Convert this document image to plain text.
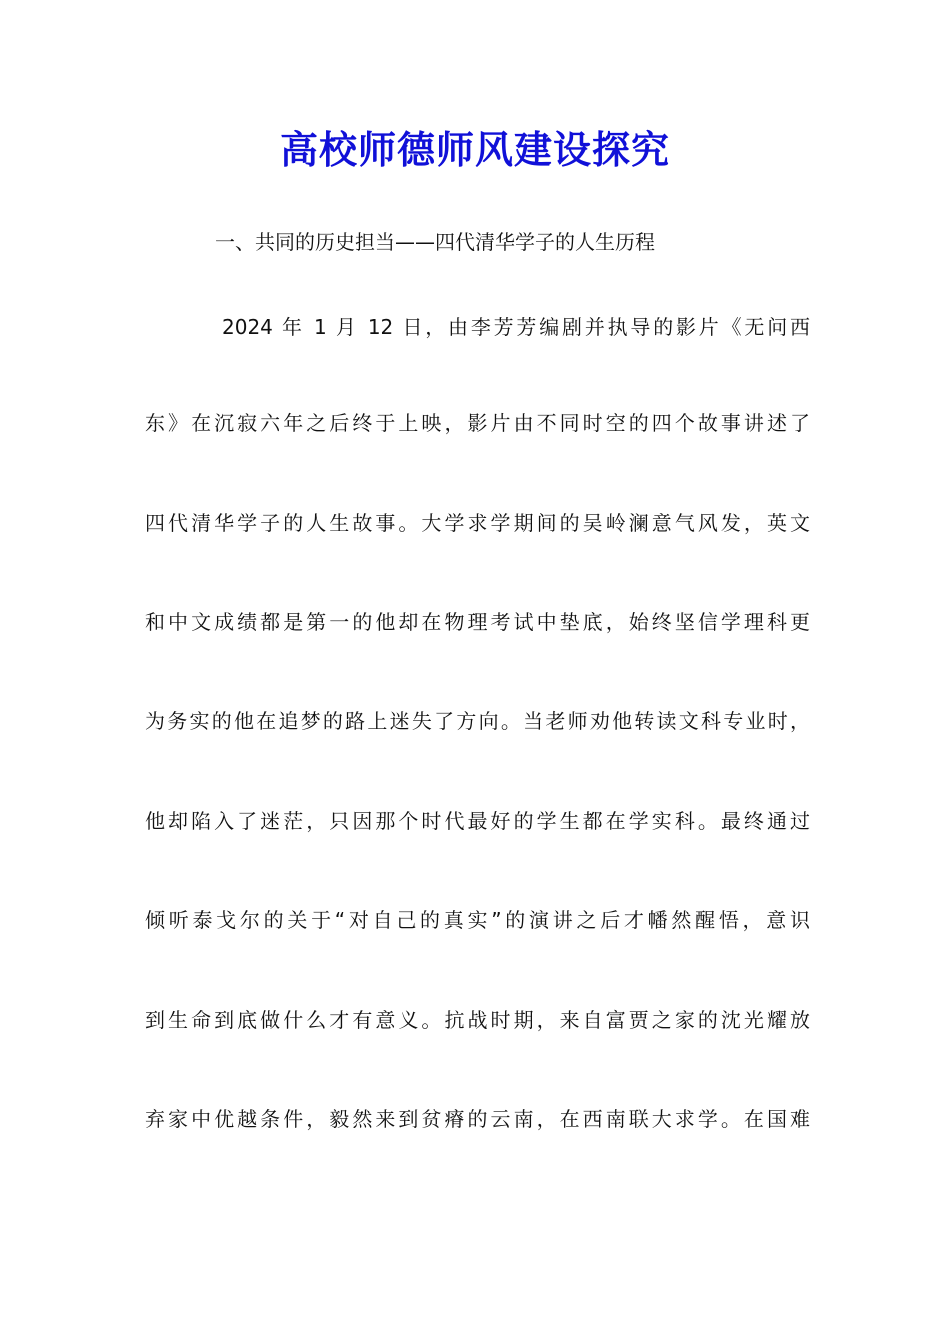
高校师德师风建设探究
一、共同的历史担当——四代清华学子的人生历程
2024 年 1 月 12 日，由李芳芳编剧并执导的影片《无问西
东》在沉寂六年之后终于上映，影片由不同时空的四个故事讲述了
四代清华学子的人生故事。大学求学期间的吴岭澜意气风发，英文
和中文成绩都是第一的他却在物理考试中垫底，始终坚信学理科更
为务实的他在追梦的路上迷失了方向。当老师劝他转读文科专业时，
他却陷入了迷茫，只因那个时代最好的学生都在学实科。最终通过
倾听泰戈尔的关于“对自己的真实”的演讲之后才幡然醒悟，意识
到生命到底做什么才有意义。抗战时期，来自富贾之家的沈光耀放
弃家中优越条件，毅然来到贫瘠的云南，在西南联大求学。在国难
